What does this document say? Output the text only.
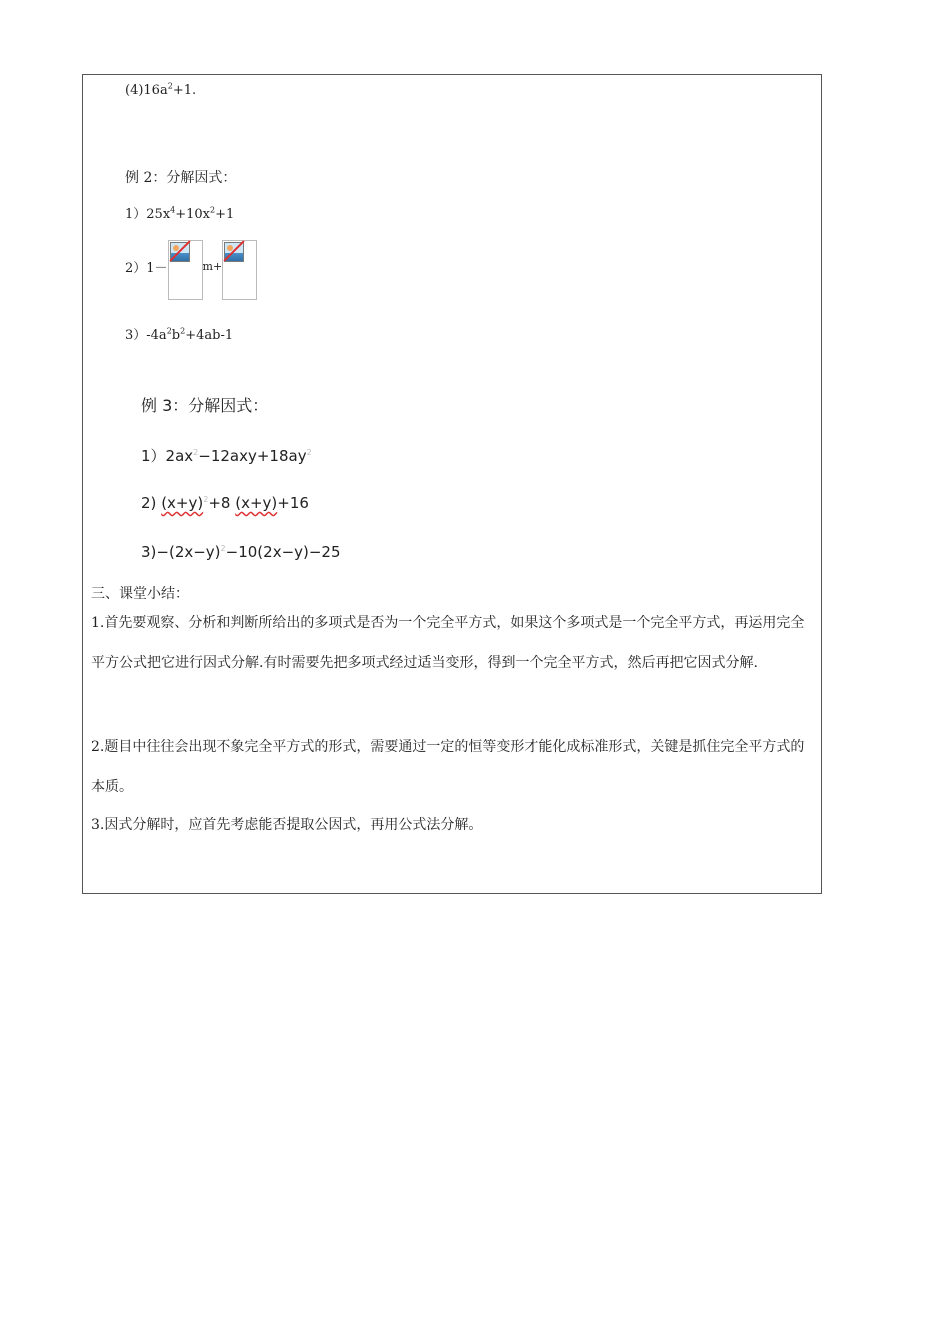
$(4)16a^2+1$.
例 2：分解因式：
$1)25x^4+10x^2+1$
2）1－	$_{m+}$
$3)-4a^2b^2+4ab-1$
例 3：分解因式：
$1)2ax^2-12axy+18ay^2$
2) $(x+y)^2+8$ (x+y)+16
$3)-(2x-y)^2-10(2x-y)-25$
三、课堂小结：
1.首先要观察、分析和判断所给出的多项式是否为一个完全平方式，如果这个多项式是一个完全平方式，再运用完全平方公式把它进行因式分解.有时需要先把多项式经过适当变形，得到一个完全平方式，然后再把它因式分解.
2.题目中往往会出现不象完全平方式的形式，需要通过一定的恒等变形才能化成标准形式，关键是抓住完全平方式的本质。
3.因式分解时，应首先考虑能否提取公因式，再用公式法分解。
